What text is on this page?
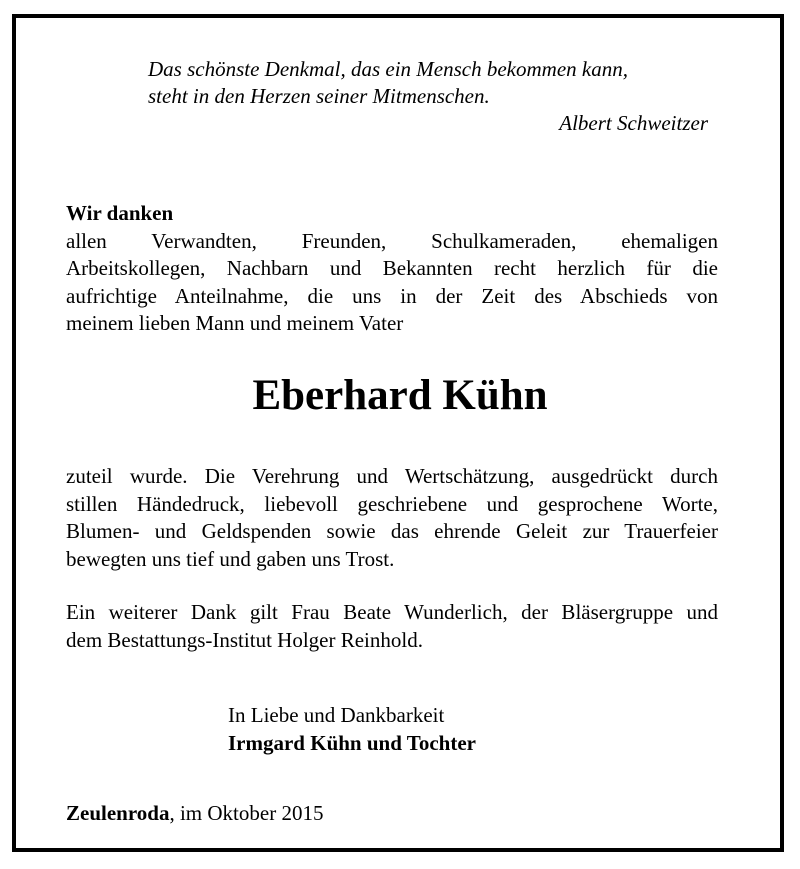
Das schönste Denkmal, das ein Mensch bekommen kann,
steht in den Herzen seiner Mitmenschen.
Albert Schweitzer
Wir danken
allen Verwandten, Freunden, Schulkameraden, ehemaligen
Arbeitskollegen, Nachbarn und Bekannten recht herzlich für die
aufrichtige Anteilnahme, die uns in der Zeit des Abschieds von
meinem lieben Mann und meinem Vater
Eberhard Kühn
zuteil wurde. Die Verehrung und Wertschätzung, ausgedrückt durch
stillen Händedruck, liebevoll geschriebene und gesprochene Worte,
Blumen- und Geldspenden sowie das ehrende Geleit zur Trauerfeier
bewegten uns tief und gaben uns Trost.
Ein weiterer Dank gilt Frau Beate Wunderlich, der Bläsergruppe und
dem Bestattungs-Institut Holger Reinhold.
In Liebe und Dankbarkeit
Irmgard Kühn und Tochter
Zeulenroda, im Oktober 2015
